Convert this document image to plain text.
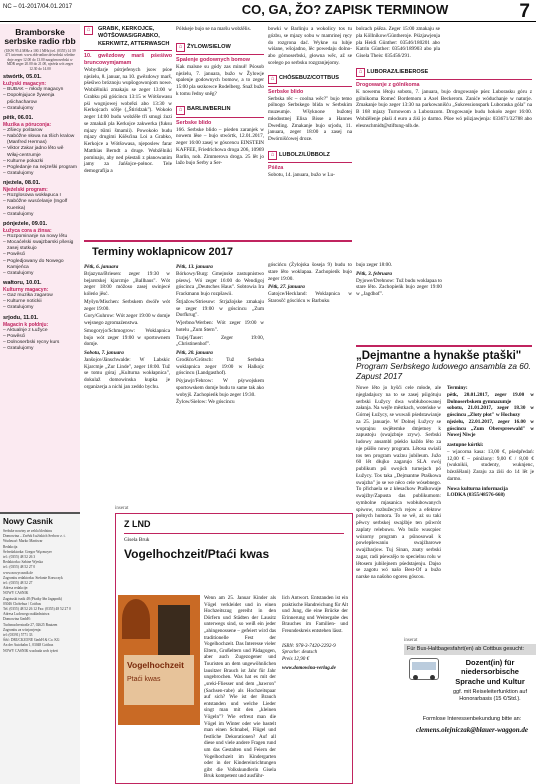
NC – 01-2017/04.01.2017	CO, GA, ŽO? ZAPISK TERMINOW	7
Bramborske serbske radio rbb
(UKW 95.4 MHz a 100.1 MHz) tel. (0355) 14 39 471 internet: www.rbb-online.de/serbski wšedne dnje zeger 12.00 do 13.00 nazgórnoserbski w MDR zeger 20.00 do 21.00, njeźela wót zeger 12.30 do 14.00
stwórtk, 05.01.
Łužyski magacyn:
– BUBAK – młody magacyn
– Dopołnjujuce žywenja pśichacharow
– Gratulujomy
pětk, 06.01.
Muzika a póruconja:
– Zšiecy pośtarow
– Nabóžne słowa na tšich kralow (Manfred Hermas)
– Viktor Zakar jadno lěto wě Wiłaj-centrumje
– Kulturne pokazki
– Pogledanje na nejzeški program
– Gratulujomy
njeźela, 08.01.
Njeźelski program:
– Rozglosowa wokłapuca I
– Nabóžne wusćelanje (Ingolf Kuenka)
– Gratulujomy
pónjeźele, 09.01.
Łužyca cora a źinsa:
– Rozpominanje na nowy lětu
– Mocaćelski swajzbarski pšesig zasej stutkujo
– Powěsći
– Pogledjowany do Nowego Kamjeńca
– Gratulujomy
wałtoru, 10.01.
Kulturny magacyn:
– Gaz muzika zagarow
– Kulturne notickii
– Gratulujomy
srjodu, 11.01.
Magacin k połdnju:
– Aktualnje z Łužyce
– Powěsći
– Dolnoserbski ręcny kurs
– Gratulujomy
Nowy Casnik
Serbske nowiny ze zehla bledzinu
Domowina – Zwězk Łužiskich Serbow z. t.
Wudawaŕ: Marko Martiwar
Redakcija
Šefredaktorka: Gregor Węcmoyer
tel.: (0355) 48 52 26 3
Redaktorka: Sabine Wjeska
tel.: (0355) 48 52 27 0
www.nowycasnik.de
Zagronitu redaktorka: Stefanie Krawczyk
tel.: (0355) 48 52 27
Adresa redakcije:
NOWY CASNIK
Zagotuski tsnik 48 (Pśatky Iňn Jagapnik)
03046 Chóśebuz / Cottbus
Tel. (0355) 48 52 26 12 Fax: (0355) 48 52 27 0
Adresa Ludowego nakładnistwa
Domowina GmbH:
Tuchmacherstraße 27, 02625 Bautzen
Zagronitu za wózjawjenja:
tel: (03591) 5771 33
Śišć: DRUCKZONE GmbH & Co. KG
An der Autobahn 1, 03048 Cottbus
NOWY CASNIK wuchada wob tyźeń
⌂	GRABK, KERKOJCE,
WÓTŠOWAS/GRABKO,
KERKWITZ, ATTERWASCH
10. gwězdowy marš pśeśiwo bruncowymjamam
Wobydlarje pótrjefenych jsow pśoe njeźelu, 8. januar, na 10. gwězdowy marš, pśeśiwo bróznoju wupšogowonjom nowe. Wobźělniki zmakaju se zeger 13:00 w Grabku pśi góścincu 13:15 w Wótšowasu pśi wognjowej wobrězi abo 13:30 w Kerkojcach sćěje („Štiridzak"). Wokoło zeger 14:00 budu wobźěle tři smugi źuzi se zmakali pla Kerkojce zakwerka (fuksu mjazy tśimi šmamii). Powokoło budu mjazy drugimi Kśěsćina Loi a Grabko, Kerkojce a Wótšowasa, njeposlew farar Matthias Berndt a druge. Wobźělniki pominaju, aby ned pśestali z płanowanim jamy za Jańšojce-połnoc. Tele demografija a
Pólskeje bujo se na maršu wobźělis.
⌂ ŽYLOW/SIELOW
Spalenje godownych bomow
Kak malsne su gódy zas minuł! Pśosob njeźelu, 7. januara, bužo w Žylowje spalenje godownych bomow, a to zeger 15:00 pla sezkowce Rodelberg. Snaž bužo k tomu ředny sněg?
⌂ BARLIN/BERLIN
Serbske blido
166. Serbske blido – pśeden zaranjek w nowem lěse – bujo stwórtk, 12.01.2017, zeger 16:00 zasej w góscencu EINSTEIN KAFFEE, Friedrichowa droga 206, 10969 Barlin, nob. Zimmerova droga. 25 lět jo lažo bujo Serby a Ser-
bowki w Barlinju a wokolicy tos tu gózbu, se mjazy sobu w mamrinej ręcy do rozgrona dać. Wykne su lubje wiśane, wšojadno, lěc powedaju dolno- abo górnoserbski, głowna wěc, až se scelego po serbsku rozgranjejomy.
⌂ CHÓSEBUZ/COTTBUS
Serbske blido
Serbska rěc – coolna wěc?" bujo temo pólnogo Serbskego blida w Serbskim muzeumje. Wšyknone bužotej młodostnej Elisa Bisse a Hannes Dweding. Zmakanje bujo srjodu, 11. januara, zeger 18:00 a zasej na Dwórnišćowej droze.
⌂ LUBOLZ/LÜBBOLZ
Pśěza
Sobotu, 14. januara, bužo w Lu-
bolcach pśěza. Zeger 15:00 zmakaju se pla Köllnikow/Güntheroje. Pśizjawjenja pla Heidi Günther: 03546/180201 abo Katrin Günther: 03546/189903 abo pla Gisela Theis: 035456/291.
⌂ LUBORAZ/LIEBEROSE
Drogowanje z gólnikoma
K nowemu lětoju sobotu, 7. januara, bujo drogowanje pśez Luborasku góru z gólnikoma Romeć Bordemom a Axel Beckerom. Zaniće wóduchanje w naturje. Zmakanje bujo zeger 13:30 na parkowanišću „Sukcessionspark Luboraska góla" na B 168 mjazy Turnowom a Luborazom. Drogowanje budu hokoło zeger 16:00. Wobźělenje płaśi 4 euro a źiśi jo darmo. Pšoe wó pśizjawjenja: 033671/32788 abo elesnschmidt@stiftung-nlb.de.
Terminy woklapnicow 2017
Pětk, 6. januara
Brjazyna/Briesen: zeger 19:30 w bejarstskej kjarcmje „Ballhaus". Wót zeger 18:00 móžoso zasej swinjecé kóleńo jěsć.
Myšyn/Mischen: Serbskem dwóře wót zeger 19:00.
Gory/Guhrow: Wót zeger 19:00 w domje wejsnego zgromaźenstwa.
Smogoryjo/Schmogrow: Woklapnica bujo wót zeger 19:00 w sportownem domje.
Sobotu, 7. januara
Janšojce/Jänschwalde: W Labskic Kjarcmje „Zur Linde", zeger 18:00. Tuž se tomu góraj „Kulturna wokłapnica", dokulaž domowinska kupka je organizerja a nichi jan zeddo bychu.
Pětk, 13. januara
Bórkowy/Burg: Gmejnske zastupnistwo pśeswj. Wó zeger 16:00 do Wendigoj góscinca „Deutsches Haus". Sobtowia Ira Frackmann bujo rozpšawii.
Štrjažow/Striesow: Strjažojske zmakaju se zeger 19:00 w góscincu „Zum Dorfkrug".
Wjerbno/Werben: Wót zeger 19:00 w hotelu „Zum Stern".
Turjej/Tauer: Zeger 19:00, „Christinenhof".
Pětk, 20. januara
Grodšćo/Grötsch: Tuž Serbska woklapnica zeger 19:00 w Halkojc góscincu (Landgasthof).
Pśyjawjr/Fehrow: W pśywojskem sportowskem domje budu to same tak ako wobyjš. Zachopieńk bujo zeger 19:30.
Žylow/Sielow: We góscincu
góscińcu (Żylojska šoseja 9) budu to stare lěto woklapaa. Zachopieńk bujo zeger 19:00.
Pětk, 27. januara
Gatojce/Heckland: Woklapnica w Starosčć góscińcu w Barbuku
bujo zeger 18:00.
Pětk, 3. februara
Dyjowe/Drehnow: Tuž budu woklapaa to stare lěto. Zachopieńk bujo zeger 19:00 w „Jagdhof".
„Dejmantne a hynakše ptaški"
Program Serbskego ludowego ansambla za 60. Zapust 2017
Nowe lěto jo hyšći cele młode, ale njegladajucy na to se zasej pśigótuju serbski Łužycy dwa wobłuboowanej załanja. Na wejře městkach, woteńske w Górnej Łužycy, se wuwali pśedstawianje za 25. januarje. W Dolnej Łužycy se woprajnu swjětemke dmjetney k zapustoju (swajzbnje zryw). Serbski ludowy ansambl pśeklo každo lěto za nje pśišło nowy program. Lětosa swiaší tos ten program ważnu jubileum. Južo 60 lět dłujko zagarujo SLA swój publikum pśi swojich turnejach pó Łužycy. Tos taka „Dejmantne Ptaškowa swajzba" jo se we něco cele wósebnego. To přichaela se z kłesaćkow Ptaškowaje swajźby/Zapusta das publikumom: symbolne mjasanica wobłubowanych spiwow, rozbužecych rejow a efektow połnych humora. To se wě, aż su taki pěwcy serbskej swajźbje ten pśiwrót zaplaty relebuwu. Wo bužo wuscpiec wózorny program a pśinosowaš k powlepšewaniu swajźbarowe swajźbarjow. Tuj Sinan, znaty serbski zagar, radi pśewzějo to specielnu rolu w lětosem jubilejnem pśedstajenju. Dajso se zagotu wó našo Best-Of a bužo narske na našoho ogoreu góscou.
Terminy:
pětk, 20.01.2017, zeger 19.00 w Dolnoserbskem gymnazumje
sobotu, 21.01.2017, zeger 18.30 w góscincu „Zloty płot" w Hochozy
njeźelu, 22.01.2017, zeger 16.00 w góscincu „Zum Oberspreewald" w Nowej Niwje
zastupne kórtki:
– wjacorna kasa: 13,00 €, pśedpředań: 12,00 € – póníżony: 9,00 € / 8,00 € (wuknikii, studenty, wuknjenc, bźezšělani) Zaraju za źiśi do 14 lět je darmo.
Nowa kulturna informacija
LODKA (0355/48576-668)
inserat
Z LND
Gisela Bruk
Vogelhochzeit/Ptaći kwas
Vogelhochzeit
Ptaći kwas
Wenn am 25. Januar Kinder als Vögel verkleidet und in einen Hochzeitszug gereiht in den Dörfern und Städten der Lausitz unterwegs sind, so weiß ein jeder „ahingenossene – gefeiert wird das traditionelle Fest der Vogelhochzeit. Das Interesse vieler Eltern, Großeltern und Pädagogen, aber auch Zugezogener und Touristen an dem ungewöhnlichen lausitzer Brauch ist Jahr für Jahr ungebrochen. Was hat es mit der „sreki-Fliesser und dem „hawron" (Sachsen-rabe) als Hochzeitspaar auf sich? Wie ist der Brauch entstanden und welche Lieder singt man mit den „kleinen Vögeln"? Wie erfreut man die Vögel im Winter oder wie bastelt man einen Schnabel, Flügel und festliche Dekorationen? Auf all diese und viele andere Fragen rund um das Gestalten und Feiern der Vogelhochzeit im Kindergarten oder in der Kindereinrichtungen gibt die Volkskundlerin Gisela Bruk kompetent und ausführ-
lich Antwort. Entstanden ist ein praktische Handreichung für Alt und Jung, die eine Brücke der Erinnerung und Weitergabe des Brauches im Familien- und Freundeskreis entstehen lässt.
ISBN: 978-3-7420-2292-9
Sprache: deutsch
Preis 12,90 €
www.domowina-verlag.de
inserat
Für Bus-Haltbagesfahrt(en) ab Cottbus gesucht:
Dozent(in) für niedersorbische
Sprache und Kultur
ggf. mit Reiseleiterfunktion auf Honorarbasis (15 €/Std.).
Formlose Interessenbekundung bitte an:
clemens.olejniczak@blauer-waggon.de
